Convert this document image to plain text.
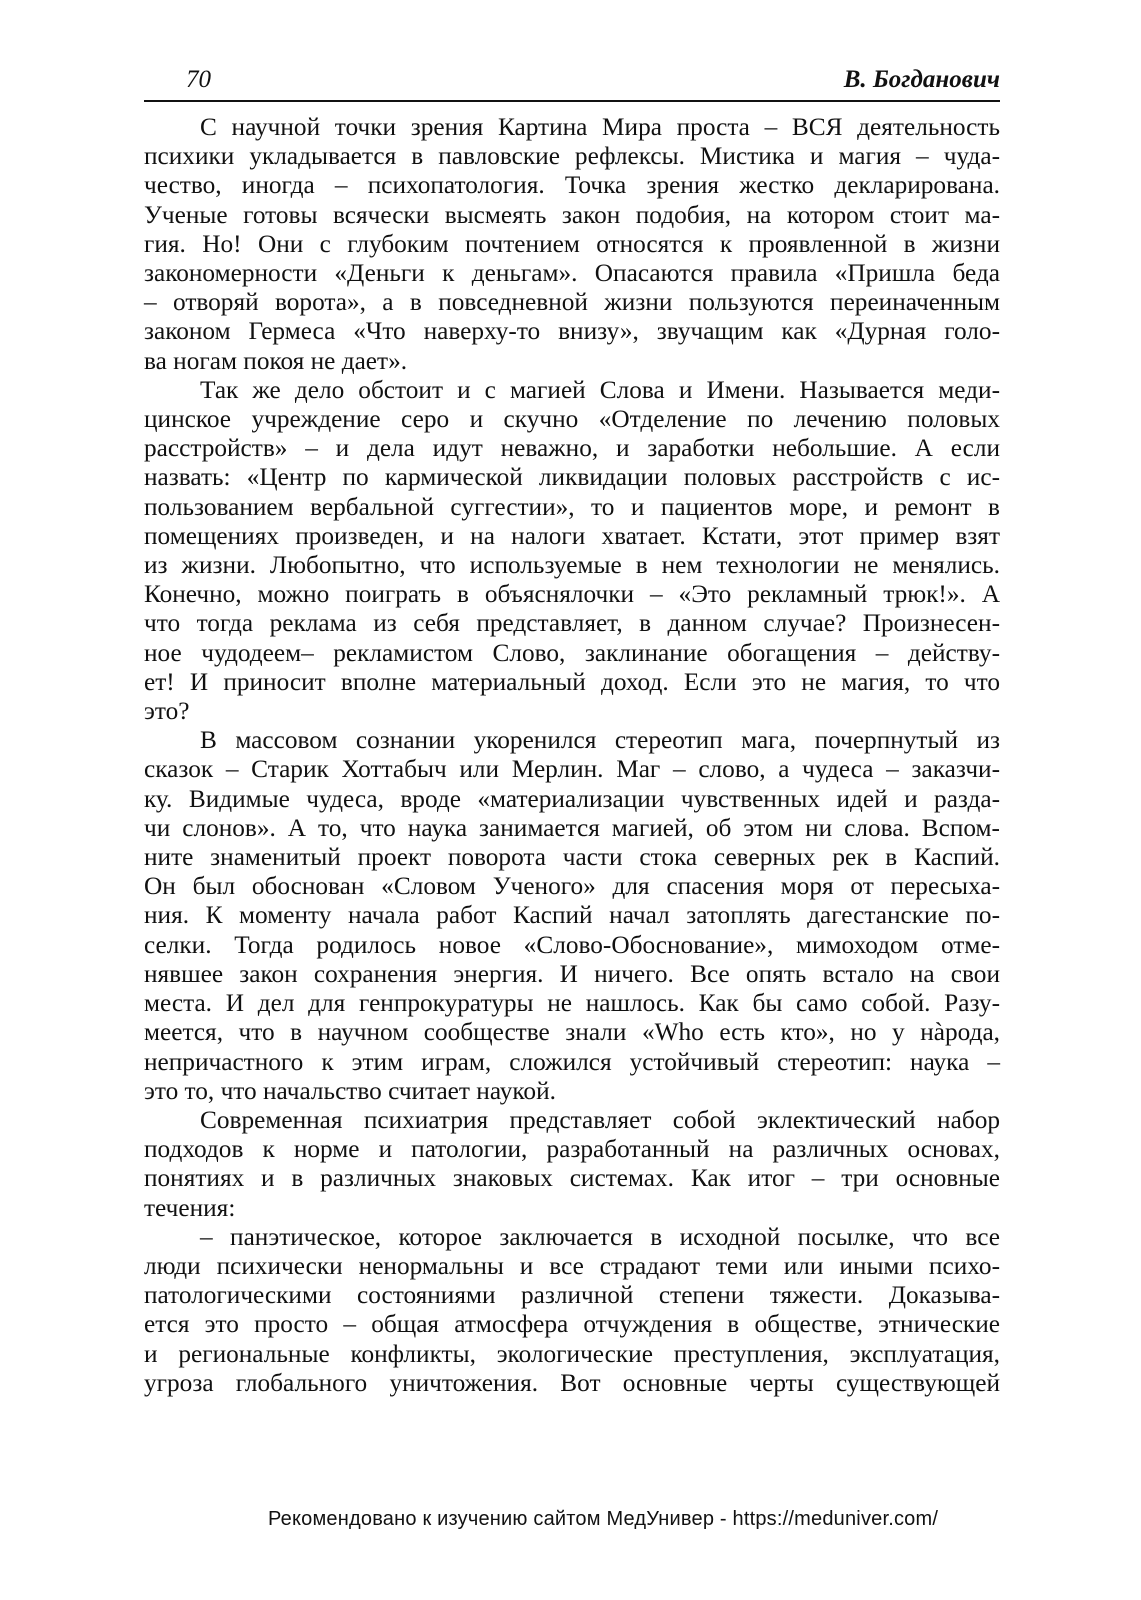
70	В. Богданович
С научной точки зрения Картина Мира проста – ВСЯ деятельность
психики укладывается в павловские рефлексы. Мистика и магия – чуда-
чество, иногда – психопатология. Точка зрения жестко декларирована.
Ученые готовы всячески высмеять закон подобия, на котором стоит ма-
гия. Но! Они с глубоким почтением относятся к проявленной в жизни
закономерности «Деньги к деньгам». Опасаются правила «Пришла беда
– отворяй ворота», а в повседневной жизни пользуются переиначенным
законом Гермеса «Что наверху-то внизу», звучащим как «Дурная голо-
ва ногам покоя не дает».
Так же дело обстоит и с магией Слова и Имени. Называется меди-
цинское учреждение серо и скучно «Отделение по лечению половых
расстройств» – и дела идут неважно, и заработки небольшие. А если
назвать: «Центр по кармической ликвидации половых расстройств с ис-
пользованием вербальной суггестии», то и пациентов море, и ремонт в
помещениях произведен, и на налоги хватает. Кстати, этот пример взят
из жизни. Любопытно, что используемые в нем технологии не менялись.
Конечно, можно поиграть в объяснялочки – «Это рекламный трюк!». А
что тогда реклама из себя представляет, в данном случае? Произнесен-
ное чудодеем– рекламистом Слово, заклинание обогащения – действу-
ет! И приносит вполне материальный доход. Если это не магия, то что
это?
В массовом сознании укоренился стереотип мага, почерпнутый из
сказок – Старик Хоттабыч или Мерлин. Маг – слово, а чудеса – заказчи-
ку. Видимые чудеса, вроде «материализации чувственных идей и разда-
чи слонов». А то, что наука занимается магией, об этом ни слова. Вспом-
ните знаменитый проект поворота части стока северных рек в Каспий.
Он был обоснован «Словом Ученого» для спасения моря от пересыха-
ния. К моменту начала работ Каспий начал затоплять дагестанские по-
селки. Тогда родилось новое «Слово-Обоснование», мимоходом отме-
нявшее закон сохранения энергия. И ничего. Все опять встало на свои
места. И дел для генпрокуратуры не нашлось. Как бы само собой. Разу-
меется, что в научном сообществе знали «Who есть кто», но у нàрода,
непричастного к этим играм, сложился устойчивый стереотип: наука –
это то, что начальство считает наукой.
Современная психиатрия представляет собой эклектический набор
подходов к норме и патологии, разработанный на различных основах,
понятиях и в различных знаковых системах. Как итог – три основные
течения:
– панэтическое, которое заключается в исходной посылке, что все
люди психически ненормальны и все страдают теми или иными психо-
патологическими состояниями различной степени тяжести. Доказыва-
ется это просто – общая атмосфера отчуждения в обществе, этнические
и региональные конфликты, экологические преступления, эксплуатация,
угроза глобального уничтожения. Вот основные черты существующей
Рекомендовано к изучению сайтом МедУнивер - https://meduniver.com/
